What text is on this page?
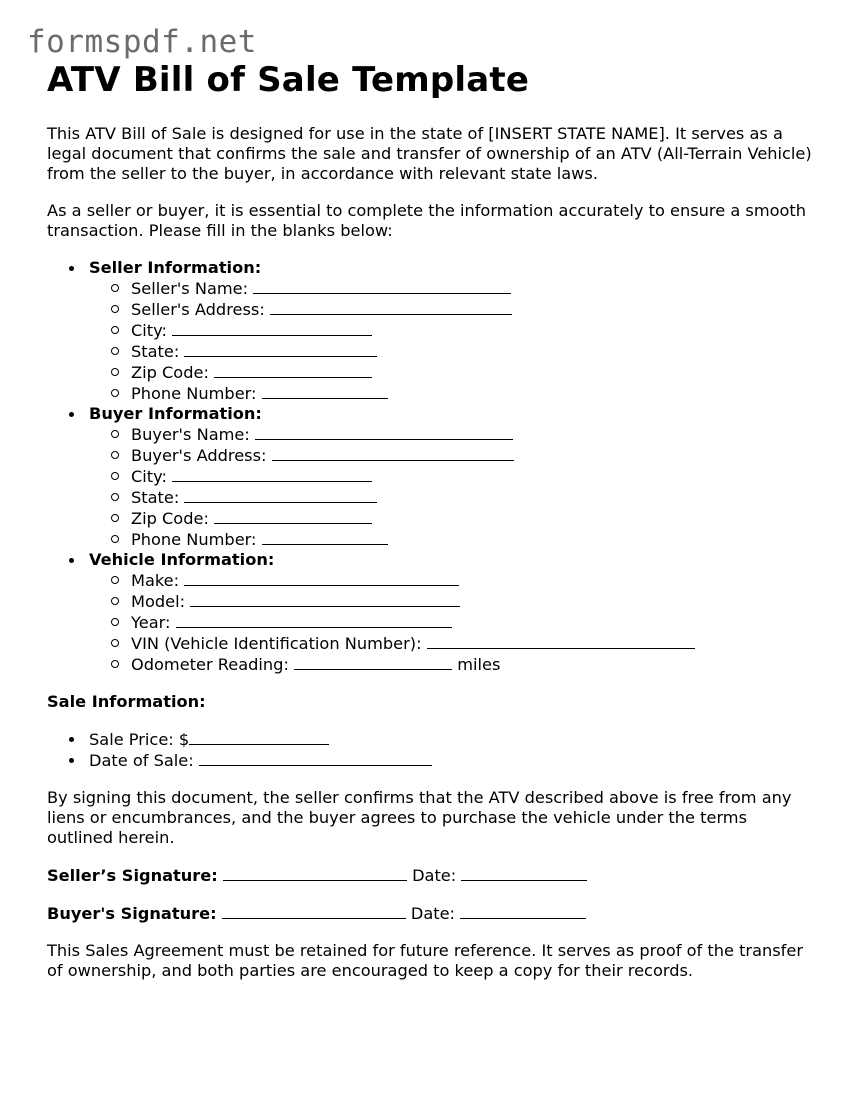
formspdf.net
ATV Bill of Sale Template

This ATV Bill of Sale is designed for use in the state of [INSERT STATE NAME]. It serves as a legal document that confirms the sale and transfer of ownership of an ATV (All-Terrain Vehicle) from the seller to the buyer, in accordance with relevant state laws.

As a seller or buyer, it is essential to complete the information accurately to ensure a smooth transaction. Please fill in the blanks below:

Seller Information:
Seller's Name:
Seller's Address:
City:
State:
Zip Code:
Phone Number:
Buyer Information:
Buyer's Name:
Buyer's Address:
City:
State:
Zip Code:
Phone Number:
Vehicle Information:
Make:
Model:
Year:
VIN (Vehicle Identification Number):
Odometer Reading:	miles
Sale Information:
Sale Price: $
Date of Sale:

By signing this document, the seller confirms that the ATV described above is free from any liens or encumbrances, and the buyer agrees to purchase the vehicle under the terms outlined herein.

Seller’s Signature:	Date:
Buyer's Signature:	Date:

This Sales Agreement must be retained for future reference. It serves as proof of the transfer of ownership, and both parties are encouraged to keep a copy for their records.
